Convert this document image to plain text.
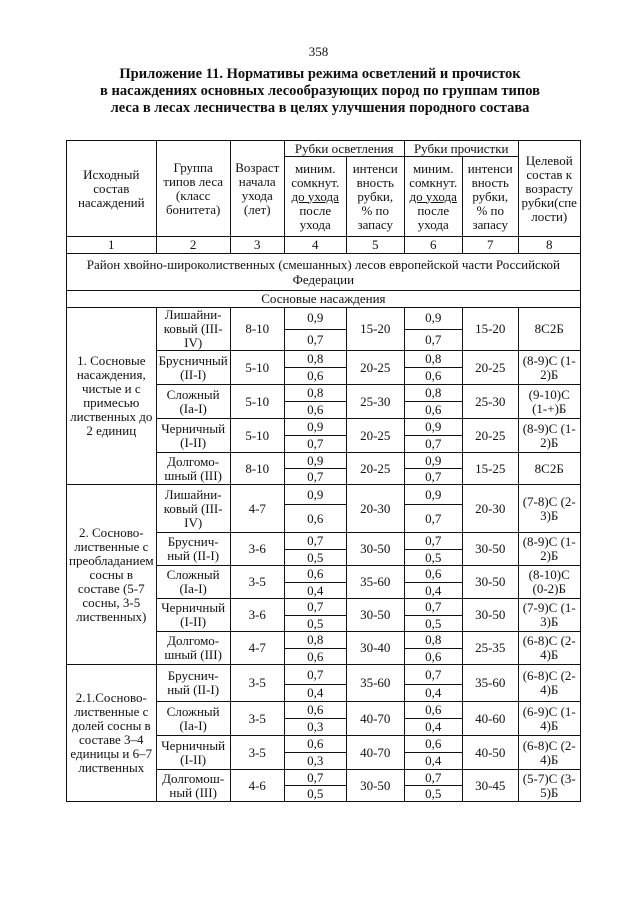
358
Приложение 11. Нормативы режима осветлений и прочисток
в насаждениях основных лесообразующих пород по группам типов
леса в лесах лесничества в целях улучшения породного состава
Исходный состав насаждений	Группа типов леса (класс бонитета)	Возраст начала ухода (лет)	Рубки осветления		Рубки прочистки		Целевой состав к возрасту рубки(спе лости)
			миним.
сомкнут.
до ухода
после
ухода	интенси
вность
рубки,
% по
запасу	миним.
сомкнут.
до ухода
после
ухода	интенси
вность
рубки,
% по
запасу	
1	2	3	4	5	6	7	8
Район хвойно-широколиственных (смешанных) лесов европейской части Российской Федерации							
Сосновые насаждения							
1. Сосновые насаждения, чистые и с примесью лиственных до 2 единиц	Лишайни-ковый (III-IV)	8-10	0,9	15-20	0,9	15-20	8С2Б
			0,7		0,7		
	Брусничный (II-I)	5-10	0,8	20-25	0,8	20-25	(8-9)С (1-2)Б
			0,6		0,6		
	Сложный (Iа-I)	5-10	0,8	25-30	0,8	25-30	(9-10)С (1-+)Б
			0,6		0,6		
	Черничный (I-II)	5-10	0,9	20-25	0,9	20-25	(8-9)С (1-2)Б
			0,7		0,7		
	Долгомо-шный (III)	8-10	0,9	20-25	0,9	15-25	8С2Б
			0,7		0,7		
2. Сосново-лиственные с преобладанием сосны в составе (5-7 сосны, 3-5 лиственных)	Лишайни-ковый (III-IV)	4-7	0,9	20-30	0,9	20-30	(7-8)С (2-3)Б
			0,6		0,7		
	Бруснич-ный (II-I)	3-6	0,7	30-50	0,7	30-50	(8-9)С (1-2)Б
			0,5		0,5		
	Сложный (Iа-I)	3-5	0,6	35-60	0,6	30-50	(8-10)С (0-2)Б
			0,4		0,4		
	Черничный (I-II)	3-6	0,7	30-50	0,7	30-50	(7-9)С (1-3)Б
			0,5		0,5		
	Долгомо-шный (III)	4-7	0,8	30-40	0,8	25-35	(6-8)С (2-4)Б
			0,6		0,6		
2.1.Сосново-лиственные с долей сосны в составе 3–4 единицы и 6–7 лиственных	Бруснич-ный (II-I)	3-5	0,7	35-60	0,7	35-60	(6-8)С (2-4)Б
			0,4		0,4		
	Сложный (Iа-I)	3-5	0,6	40-70	0,6	40-60	(6-9)С (1-4)Б
			0,3		0,4		
	Черничный (I-II)	3-5	0,6	40-70	0,6	40-50	(6-8)С (2-4)Б
			0,3		0,4		
	Долгомош-ный (III)	4-6	0,7	30-50	0,7	30-45	(5-7)С (3-5)Б
			0,5		0,5		
